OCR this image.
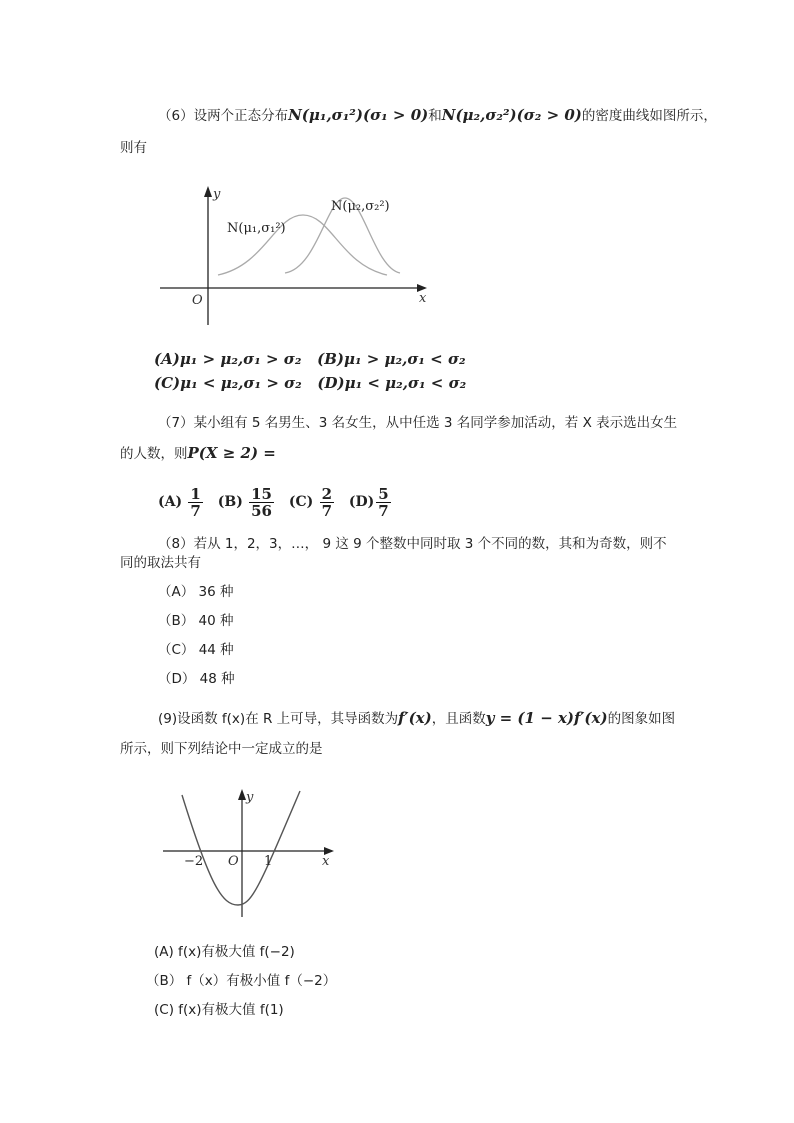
（6）设两个正态分布N(μ₁,σ₁²)(σ₁ > 0)和N(μ₂,σ₂²)(σ₂ > 0)的密度曲线如图所示，
则有
y
x
O
N(μ₁,σ₁²)
N(μ₂,σ₂²)
(A)μ₁ > μ₂,σ₁ > σ₂ (B)μ₁ > μ₂,σ₁ < σ₂
(C)μ₁ < μ₂,σ₁ > σ₂ (D)μ₁ < μ₂,σ₁ < σ₂
（7）某小组有 5 名男生、3 名女生，从中任选 3 名同学参加活动，若 X 表示选出女生
的人数，则P(X ≥ 2) =
$(A) \frac{1}{7} (B) \frac{15}{56} (C) \frac{2}{7} (D) \frac{5}{7}$
（8）若从 1，2，3，…， 9 这 9 个整数中同时取 3 个不同的数，其和为奇数，则不
同的取法共有
（A） 36 种
（B） 40 种
（C） 44 种
（D） 48 种
(9)设函数 f(x)在 R 上可导，其导函数为f′(x)，且函数y = (1 − x)f′(x)的图象如图
所示，则下列结论中一定成立的是
y
x
O
−2	1
(A) f(x)有极大值 f(−2)
（B） f（x）有极小值 f（−2）
(C) f(x)有极大值 f(1)
